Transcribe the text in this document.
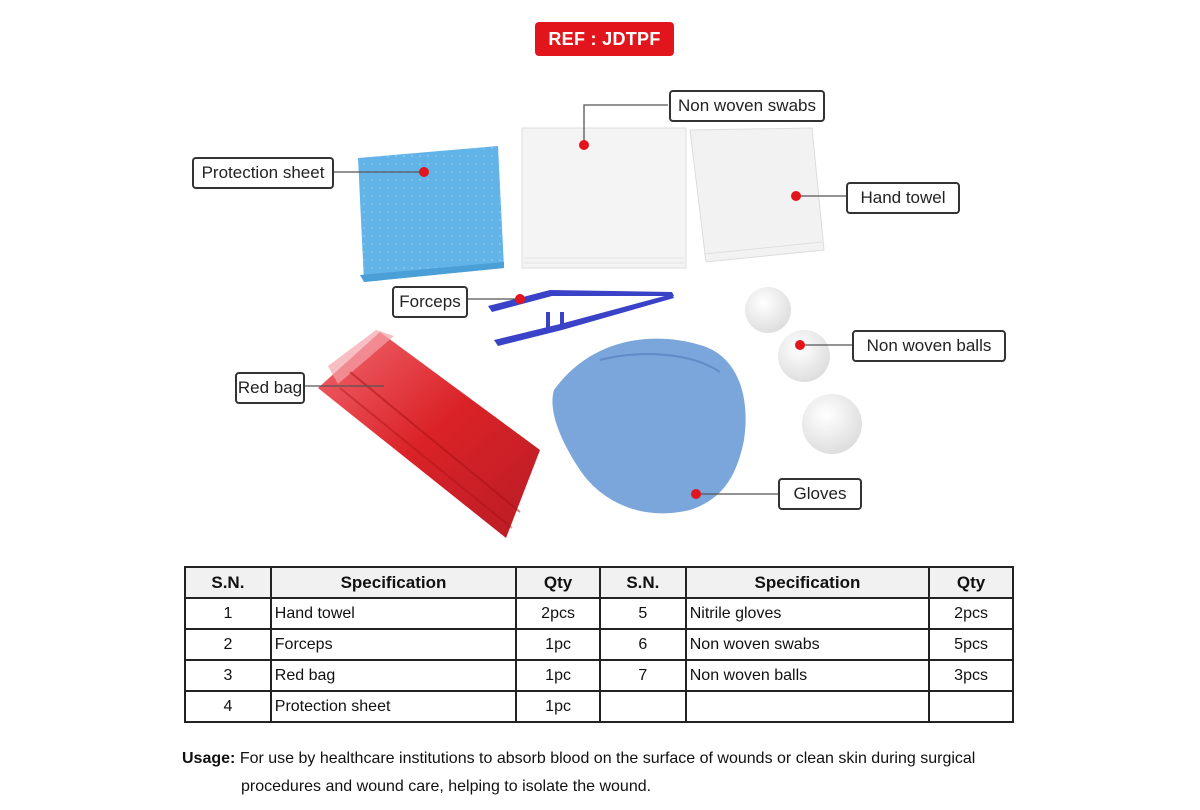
REF : JDTPF
Non woven swabs
Protection sheet
Hand towel
Forceps
Non woven balls
Red bag
Gloves
S.N.	Specification	Qty	S.N.	Specification	Qty
1	Hand towel	2pcs	5	Nitrile gloves	2pcs
2	Forceps	1pc	6	Non woven swabs	5pcs
3	Red bag	1pc	7	Non woven balls	3pcs
4	Protection sheet	1pc			
Usage: For use by healthcare institutions to absorb blood on the surface of wounds or clean skin during surgical
procedures and wound care, helping to isolate the wound.
